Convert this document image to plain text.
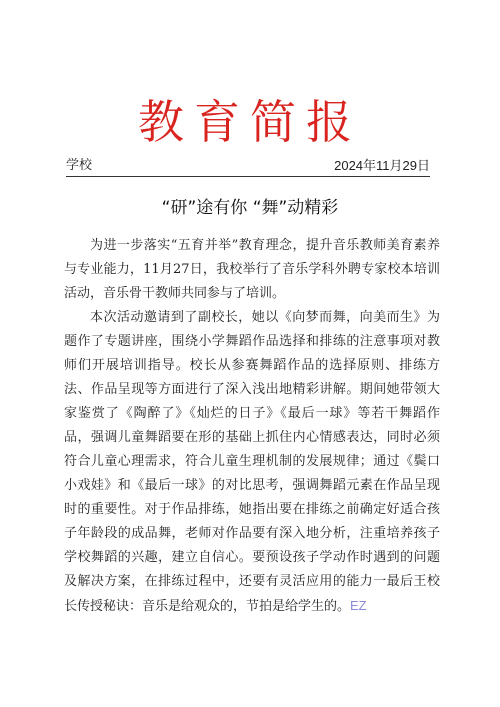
教育简报
学校	2024年11月29日
“研”途有你 “舞”动精彩

为进一步落实“五育并举”教育理念，提升音乐教师美育素养与专业能力，11月27日，我校举行了音乐学科外聘专家校本培训活动，音乐骨干教师共同参与了培训。

本次活动邀请到了副校长，她以《向梦而舞，向美而生》为题作了专题讲座，围绕小学舞蹈作品选择和排练的注意事项对教师们开展培训指导。校长从参赛舞蹈作品的选择原则、排练方法、作品呈现等方面进行了深入浅出地精彩讲解。期间她带领大家鉴赏了《陶醉了》《灿烂的日子》《最后一球》等若干舞蹈作品，强调儿童舞蹈要在形的基础上抓住内心情感表达，同时必须符合儿童心理需求，符合儿童生理机制的发展规律；通过《鬓口小戏娃》和《最后一球》的对比思考，强调舞蹈元素在作品呈现时的重要性。对于作品排练，她指出要在排练之前确定好适合孩子年龄段的成品舞，老师对作品要有深入地分析，注重培养孩子学校舞蹈的兴趣，建立自信心。要预设孩子学动作时遇到的问题及解决方案，在排练过程中，还要有灵活应用的能力一最后王校长传授秘诀：音乐是给观众的，节拍是给学生的。EZ
